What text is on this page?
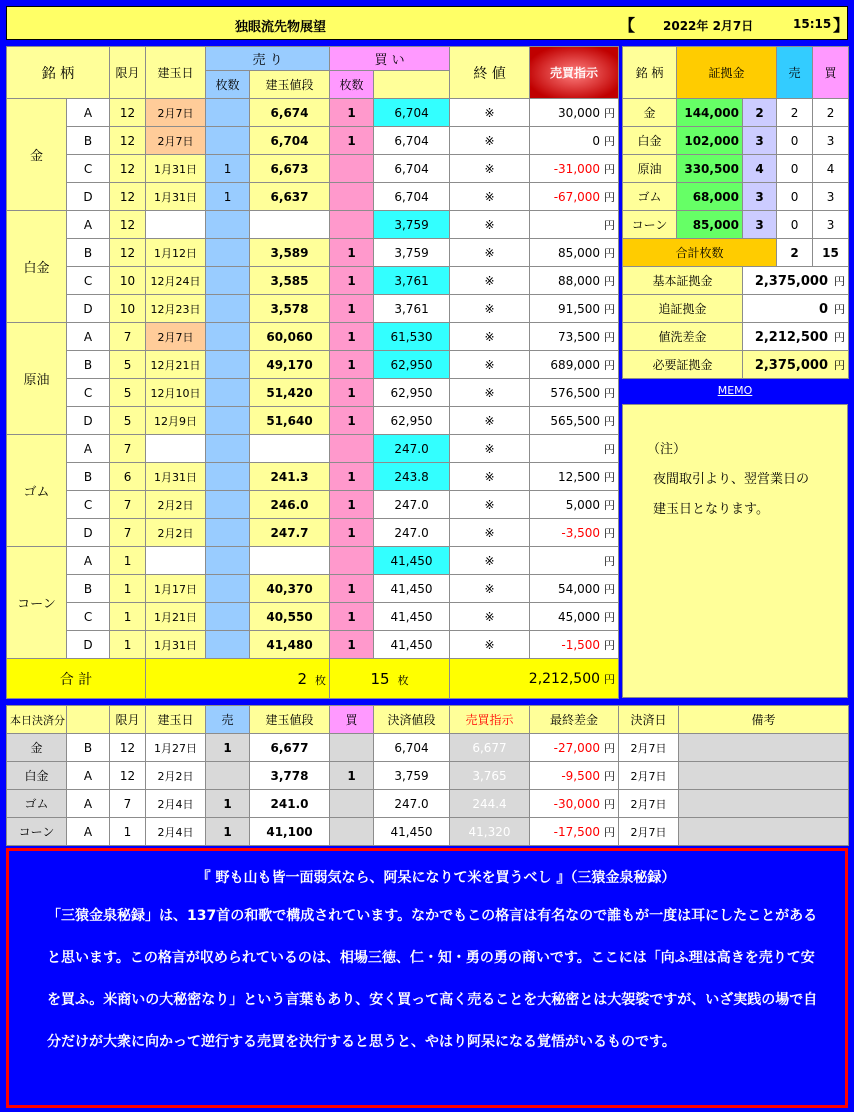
独眼流先物展望	【 2022年 2月7日	15:15 】
銘 柄		限月	建玉日	売 り		買 い		終 値	売買指示	
				枚数	建玉値段	枚数				
金	A	12	2月7日		6,674	1	6,704	※	30,000 円	
	B	12	2月7日		6,704	1	6,704	※	0 円	
	C	12	1月31日	1	6,673		6,704	※	-31,000 円	
	D	12	1月31日	1	6,637		6,704	※	-67,000 円	
白金	A	12					3,759	※	円	
	B	12	1月12日		3,589	1	3,759	※	85,000 円	
	C	10	12月24日		3,585	1	3,761	※	88,000 円	
	D	10	12月23日		3,578	1	3,761	※	91,500 円	
原油	A	7	2月7日		60,060	1	61,530	※	73,500 円	
	B	5	12月21日		49,170	1	62,950	※	689,000 円	
	C	5	12月10日		51,420	1	62,950	※	576,500 円	
	D	5	12月9日		51,640	1	62,950	※	565,500 円	
ゴム	A	7					247.0	※	円	
	B	6	1月31日		241.3	1	243.8	※	12,500 円	
	C	7	2月2日		246.0	1	247.0	※	5,000 円	
	D	7	2月2日		247.7	1	247.0	※	-3,500 円	
コーン	A	1					41,450	※	円	
	B	1	1月17日		40,370	1	41,450	※	54,000 円	
	C	1	1月21日		40,550	1	41,450	※	45,000 円	
	D	1	1月31日		41,480	1	41,450	※	-1,500 円	
合 計			2 枚			15 枚		2,212,500 円		
銘 柄	証拠金		売	買
金	144,000	2	2	2
白金	102,000	3	0	3
原油	330,500	4	0	4
ゴム	68,000	3	0	3
コーン	85,000	3	0	3
合計枚数			2	15
基本証拠金		2,375,000 円		
追証拠金		0 円		
値洗差金		2,212,500 円		
必要証拠金		2,375,000 円		
MEMO
（注）
夜間取引より、翌営業日の
建玉日となります。
本日決済分		限月	建玉日	売	建玉値段	買	決済値段	売買指示	最終差金	決済日	備考
金	B	12	1月27日	1	6,677		6,704	6,677	-27,000 円	2月7日	
白金	A	12	2月2日		3,778	1	3,759	3,765	-9,500 円	2月7日	
ゴム	A	7	2月4日	1	241.0		247.0	244.4	-30,000 円	2月7日	
コーン	A	1	2月4日	1	41,100		41,450	41,320	-17,500 円	2月7日	
『 野も山も皆一面弱気なら、阿呆になりて米を買うべし 』（三猿金泉秘録）
「三猿金泉秘録」は、137首の和歌で構成されています。なかでもこの格言は有名なので誰もが一度は耳にしたことがあると思います。この格言が収められているのは、相場三徳、仁・知・勇の勇の商いです。ここには「向ふ理は高きを売りて安を買ふ。米商いの大秘密なり」という言葉もあり、安く買って高く売ることを大秘密とは大袈裟ですが、いざ実践の場で自分だけが大衆に向かって逆行する売買を決行すると思うと、やはり阿呆になる覚悟がいるものです。
